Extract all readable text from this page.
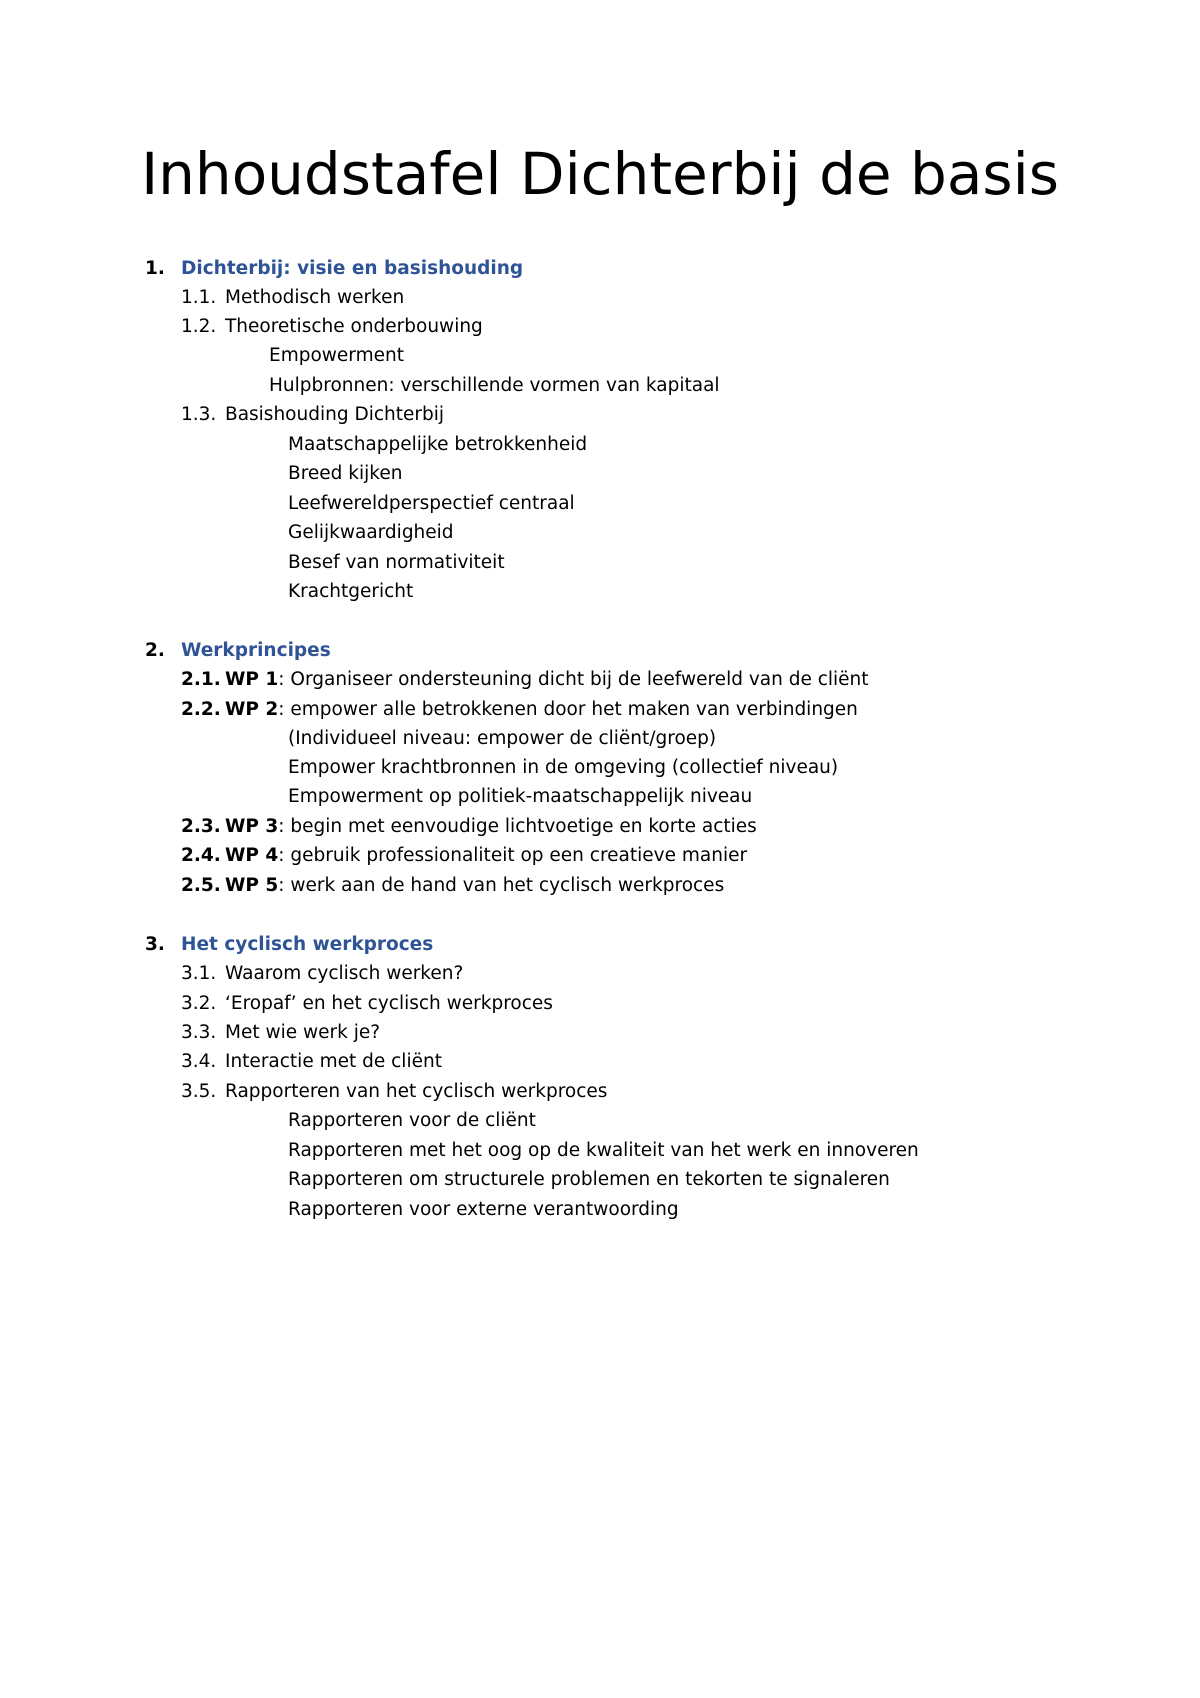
Inhoudstafel Dichterbij de basis
1. Dichterbij: visie en basishouding
1.1. Methodisch werken
1.2. Theoretische onderbouwing
Empowerment
Hulpbronnen: verschillende vormen van kapitaal
1.3. Basishouding Dichterbij
Maatschappelijke betrokkenheid
Breed kijken
Leefwereldperspectief centraal
Gelijkwaardigheid
Besef van normativiteit
Krachtgericht
2. Werkprincipes
2.1. WP 1: Organiseer ondersteuning dicht bij de leefwereld van de cliënt
2.2. WP 2: empower alle betrokkenen door het maken van verbindingen
(Individueel niveau: empower de cliënt/groep)
Empower krachtbronnen in de omgeving (collectief niveau)
Empowerment op politiek-maatschappelijk niveau
2.3. WP 3: begin met eenvoudige lichtvoetige en korte acties
2.4. WP 4: gebruik professionaliteit op een creatieve manier
2.5. WP 5: werk aan de hand van het cyclisch werkproces
3. Het cyclisch werkproces
3.1. Waarom cyclisch werken?
3.2. ‘Eropaf’ en het cyclisch werkproces
3.3. Met wie werk je?
3.4. Interactie met de cliënt
3.5. Rapporteren van het cyclisch werkproces
Rapporteren voor de cliënt
Rapporteren met het oog op de kwaliteit van het werk en innoveren
Rapporteren om structurele problemen en tekorten te signaleren
Rapporteren voor externe verantwoording
